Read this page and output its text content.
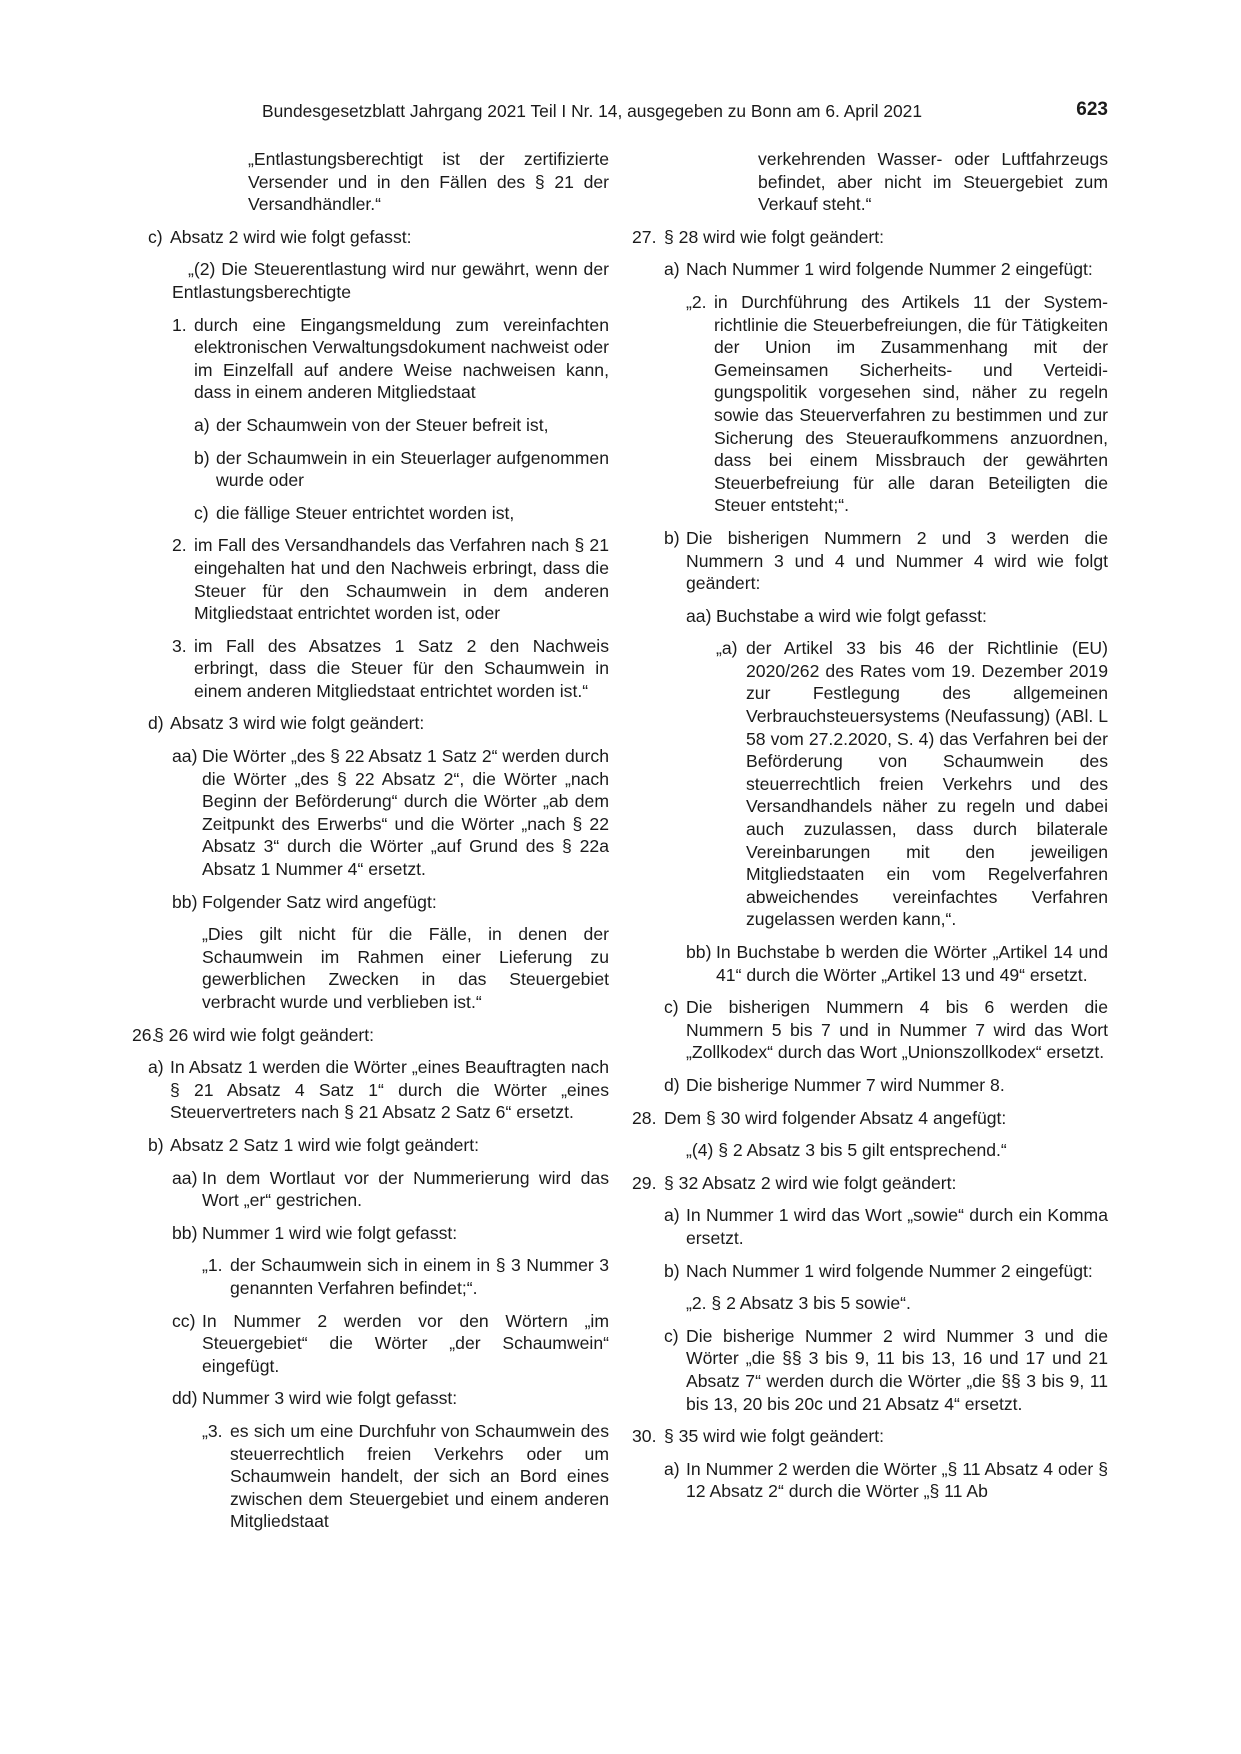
Bundesgesetzblatt Jahrgang 2021 Teil I Nr. 14, ausgegeben zu Bonn am 6. April 2021	623
„Entlastungsberechtigt ist der zertifizierte Versender und in den Fällen des § 21 der Versandhändler.“
c) Absatz 2 wird wie folgt gefasst:
„(2) Die Steuerentlastung wird nur gewährt, wenn der Entlastungsberechtigte
1. durch eine Eingangsmeldung zum vereinfachten elektronischen Verwaltungsdokument nachweist oder im Einzelfall auf andere Weise nachweisen kann, dass in einem anderen Mitgliedstaat
a) der Schaumwein von der Steuer befreit ist,
b) der Schaumwein in ein Steuerlager aufgenommen wurde oder
c) die fällige Steuer entrichtet worden ist,
2. im Fall des Versandhandels das Verfahren nach § 21 eingehalten hat und den Nachweis erbringt, dass die Steuer für den Schaumwein in dem anderen Mitgliedstaat entrichtet worden ist, oder
3. im Fall des Absatzes 1 Satz 2 den Nachweis erbringt, dass die Steuer für den Schaumwein in einem anderen Mitgliedstaat entrichtet worden ist.“
d) Absatz 3 wird wie folgt geändert:
aa) Die Wörter „des § 22 Absatz 1 Satz 2“ werden durch die Wörter „des § 22 Absatz 2“, die Wörter „nach Beginn der Beförderung“ durch die Wörter „ab dem Zeitpunkt des Erwerbs“ und die Wörter „nach § 22 Absatz 3“ durch die Wörter „auf Grund des § 22a Absatz 1 Nummer 4“ ersetzt.
bb) Folgender Satz wird angefügt:
„Dies gilt nicht für die Fälle, in denen der Schaumwein im Rahmen einer Lieferung zu gewerblichen Zwecken in das Steuergebiet verbracht wurde und verblieben ist.“
26.
§ 26 wird wie folgt geändert:
a) In Absatz 1 werden die Wörter „eines Beauftragten nach § 21 Absatz 4 Satz 1“ durch die Wörter „eines Steuervertreters nach § 21 Absatz 2 Satz 6“ ersetzt.
b) Absatz 2 Satz 1 wird wie folgt geändert:
aa) In dem Wortlaut vor der Nummerierung wird das Wort „er“ gestrichen.
bb) Nummer 1 wird wie folgt gefasst:
„1. der Schaumwein sich in einem in § 3 Nummer 3 genannten Verfahren befindet;“.
cc) In Nummer 2 werden vor den Wörtern „im Steuergebiet“ die Wörter „der Schaumwein“ eingefügt.
dd) Nummer 3 wird wie folgt gefasst:
„3. es sich um eine Durchfuhr von Schaumwein des steuerrechtlich freien Verkehrs oder um Schaumwein handelt, der sich an Bord eines zwischen dem Steuergebiet und einem anderen Mitgliedstaat
verkehrenden Wasser- oder Luftfahrzeugs befindet, aber nicht im Steuergebiet zum Verkauf steht.“
27. § 28 wird wie folgt geändert:
a) Nach Nummer 1 wird folgende Nummer 2 eingefügt:
„2. in Durchführung des Artikels 11 der Systemrichtlinie die Steuerbefreiungen, die für Tätigkeiten der Union im Zusammenhang mit der Gemeinsamen Sicherheits- und Verteidigungspolitik vorgesehen sind, näher zu regeln sowie das Steuerverfahren zu bestimmen und zur Sicherung des Steueraufkommens anzuordnen, dass bei einem Missbrauch der gewährten Steuerbefreiung für alle daran Beteiligten die Steuer entsteht;“.
b) Die bisherigen Nummern 2 und 3 werden die Nummern 3 und 4 und Nummer 4 wird wie folgt geändert:
aa) Buchstabe a wird wie folgt gefasst:
„a) der Artikel 33 bis 46 der Richtlinie (EU) 2020/262 des Rates vom 19. Dezember 2019 zur Festlegung des allgemeinen Verbrauchsteuersystems (Neufassung) (ABl. L 58 vom 27.2.2020, S. 4) das Verfahren bei der Beförderung von Schaumwein des steuerrechtlich freien Verkehrs und des Versandhandels näher zu regeln und dabei auch zuzulassen, dass durch bilaterale Vereinbarungen mit den jeweiligen Mitgliedstaaten ein vom Regelverfahren abweichendes vereinfachtes Verfahren zugelassen werden kann,“.
bb) In Buchstabe b werden die Wörter „Artikel 14 und 41“ durch die Wörter „Artikel 13 und 49“ ersetzt.
c) Die bisherigen Nummern 4 bis 6 werden die Nummern 5 bis 7 und in Nummer 7 wird das Wort „Zollkodex“ durch das Wort „Unionszollkodex“ ersetzt.
d) Die bisherige Nummer 7 wird Nummer 8.
28. Dem § 30 wird folgender Absatz 4 angefügt:
„(4) § 2 Absatz 3 bis 5 gilt entsprechend.“
29. § 32 Absatz 2 wird wie folgt geändert:
a) In Nummer 1 wird das Wort „sowie“ durch ein Komma ersetzt.
b) Nach Nummer 1 wird folgende Nummer 2 eingefügt:
„2. § 2 Absatz 3 bis 5 sowie“.
c) Die bisherige Nummer 2 wird Nummer 3 und die Wörter „die §§ 3 bis 9, 11 bis 13, 16 und 17 und 21 Absatz 7“ werden durch die Wörter „die §§ 3 bis 9, 11 bis 13, 20 bis 20c und 21 Absatz 4“ ersetzt.
30. § 35 wird wie folgt geändert:
a) In Nummer 2 werden die Wörter „§ 11 Absatz 4 oder § 12 Absatz 2“ durch die Wörter „§ 11 Ab
